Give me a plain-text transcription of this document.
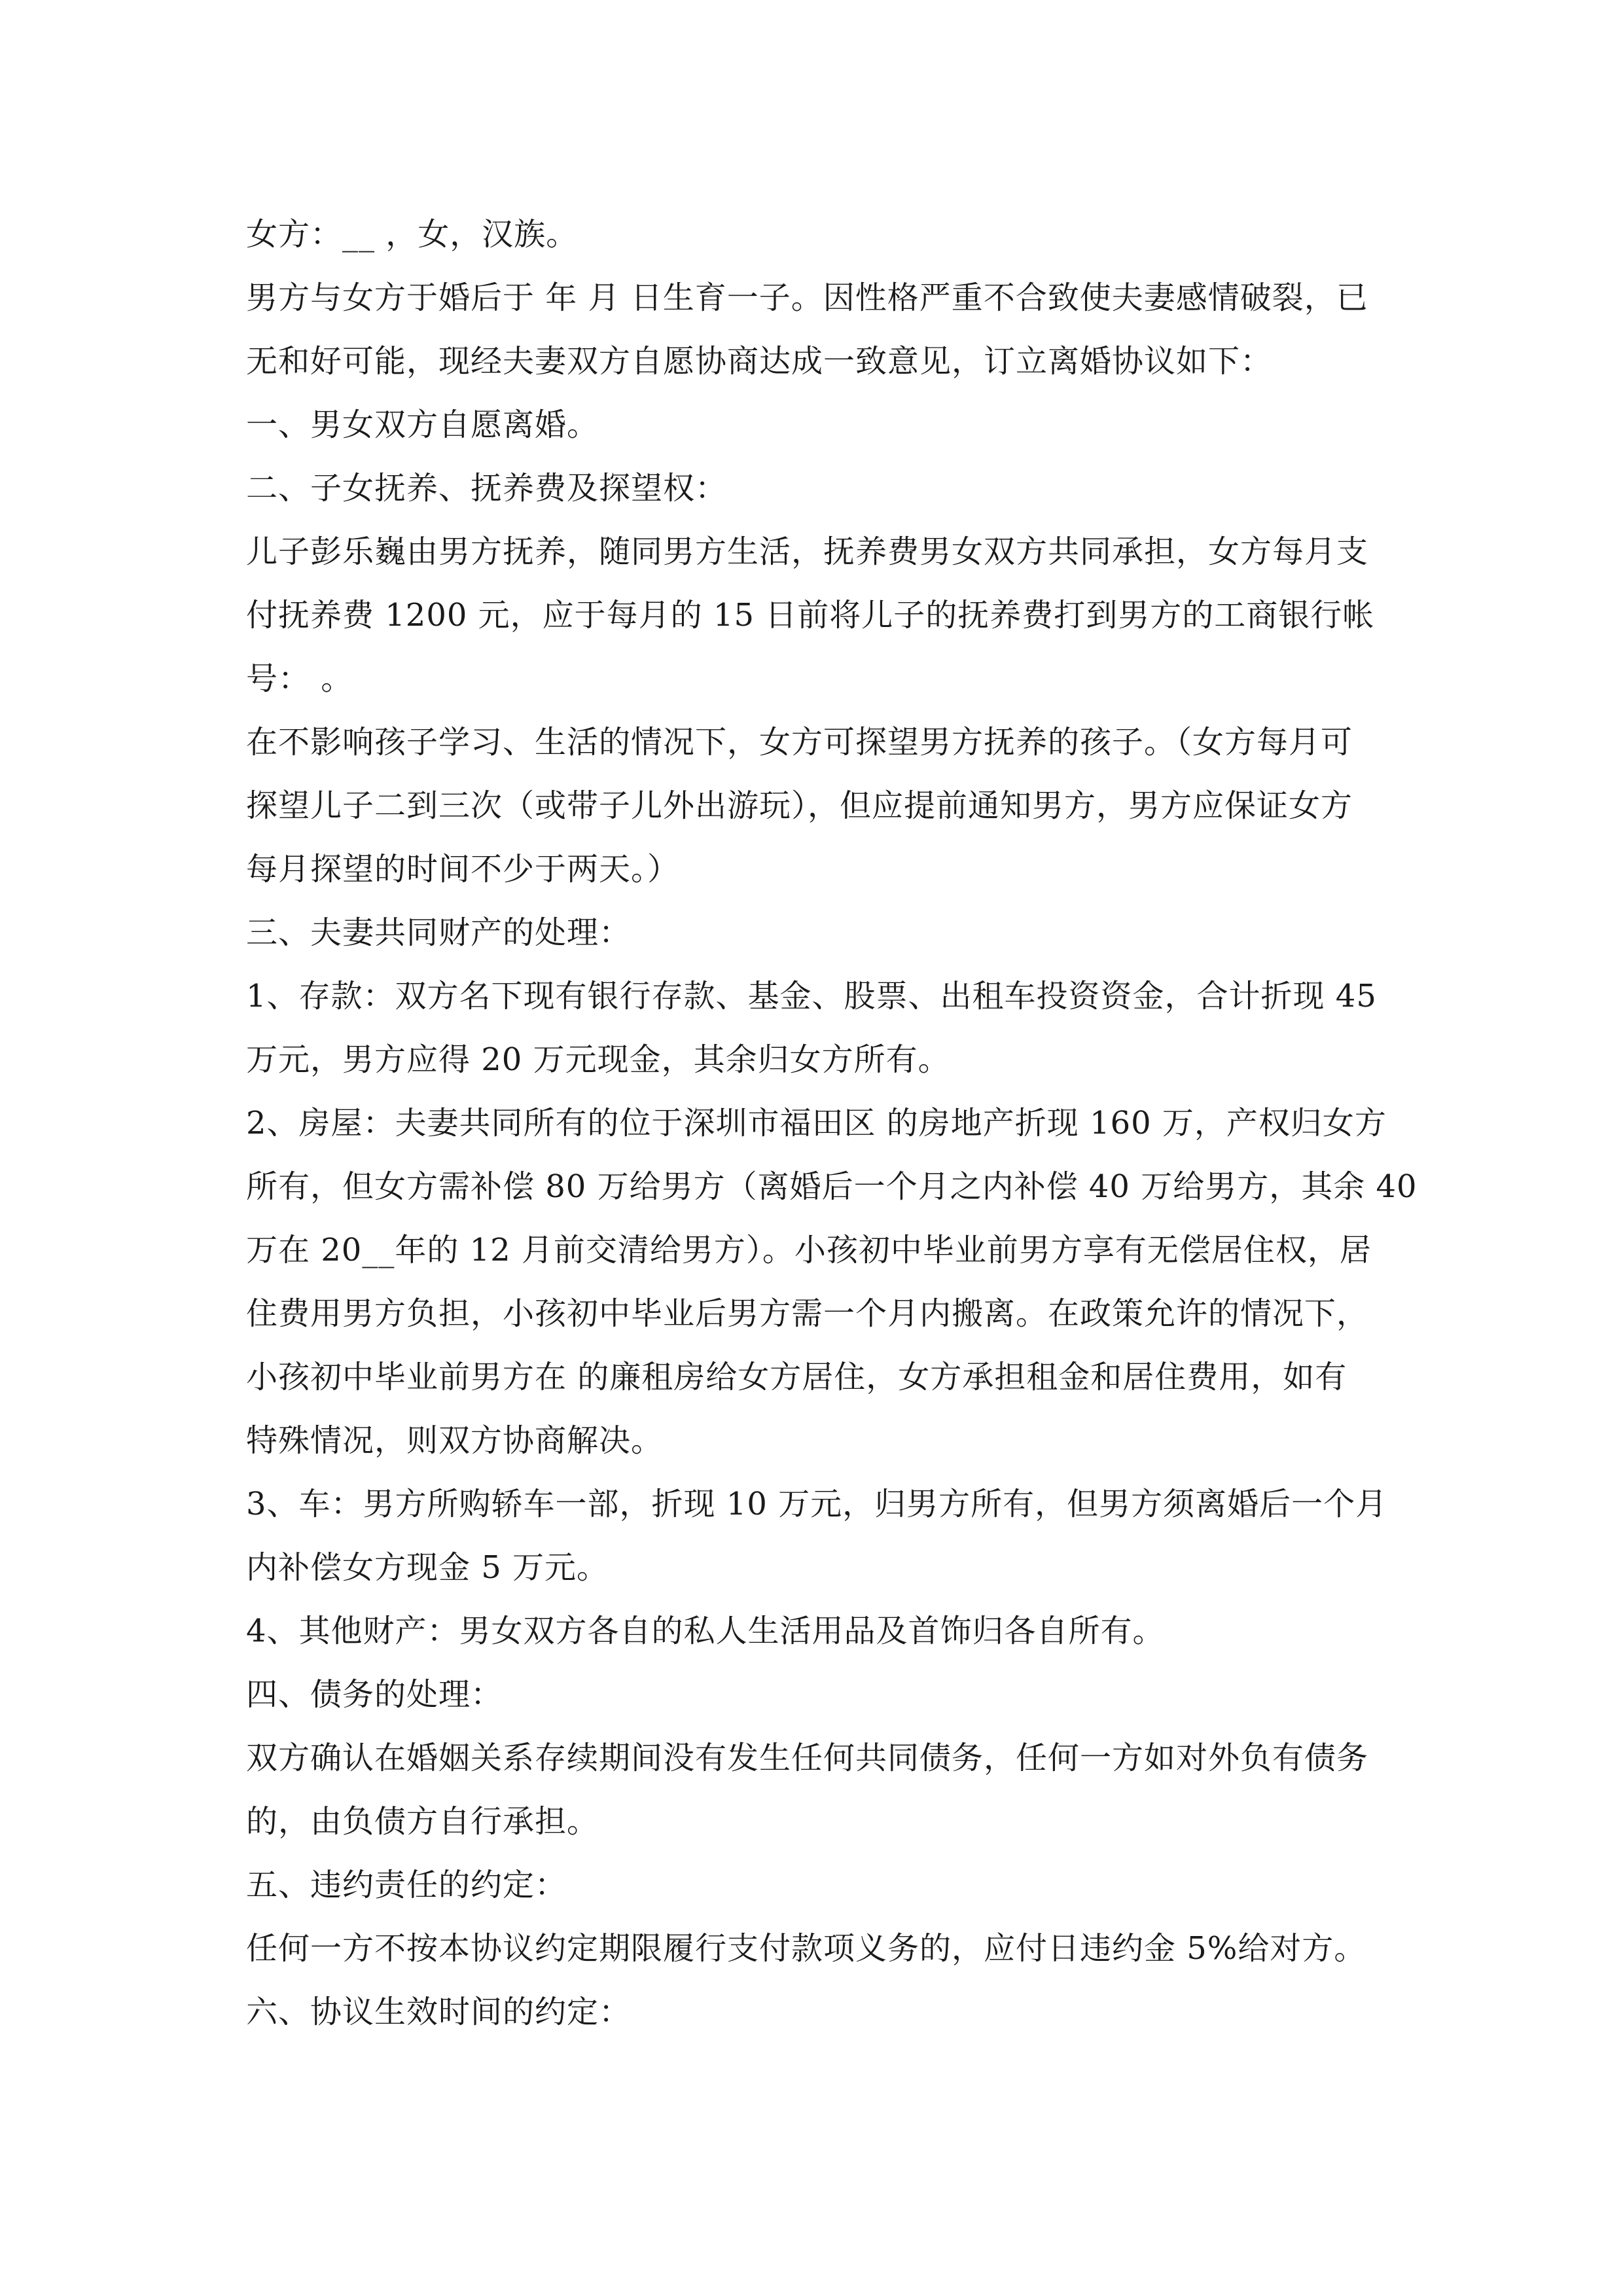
女方：__ ，女，汉族。
男方与女方于婚后于 年 月 日生育一子。因性格严重不合致使夫妻感情破裂，已
无和好可能，现经夫妻双方自愿协商达成一致意见，订立离婚协议如下：
一、男女双方自愿离婚。
二、子女抚养、抚养费及探望权：
儿子彭乐巍由男方抚养，随同男方生活，抚养费男女双方共同承担，女方每月支
付抚养费 1200 元，应于每月的 15 日前将儿子的抚养费打到男方的工商银行帐
号： 。
在不影响孩子学习、生活的情况下，女方可探望男方抚养的孩子。（女方每月可
探望儿子二到三次（或带子儿外出游玩），但应提前通知男方，男方应保证女方
每月探望的时间不少于两天。）
三、夫妻共同财产的处理：
1、存款：双方名下现有银行存款、基金、股票、出租车投资资金，合计折现 45
万元，男方应得 20 万元现金，其余归女方所有。
2、房屋：夫妻共同所有的位于深圳市福田区 的房地产折现 160 万，产权归女方
所有，但女方需补偿 80 万给男方（离婚后一个月之内补偿 40 万给男方，其余 40
万在 20__年的 12 月前交清给男方）。小孩初中毕业前男方享有无偿居住权，居
住费用男方负担，小孩初中毕业后男方需一个月内搬离。在政策允许的情况下，
小孩初中毕业前男方在 的廉租房给女方居住，女方承担租金和居住费用，如有
特殊情况，则双方协商解决。
3、车：男方所购轿车一部，折现 10 万元，归男方所有，但男方须离婚后一个月
内补偿女方现金 5 万元。
4、其他财产：男女双方各自的私人生活用品及首饰归各自所有。
四、债务的处理：
双方确认在婚姻关系存续期间没有发生任何共同债务，任何一方如对外负有债务
的，由负债方自行承担。
五、违约责任的约定：
任何一方不按本协议约定期限履行支付款项义务的，应付日违约金 5%给对方。
六、协议生效时间的约定：
